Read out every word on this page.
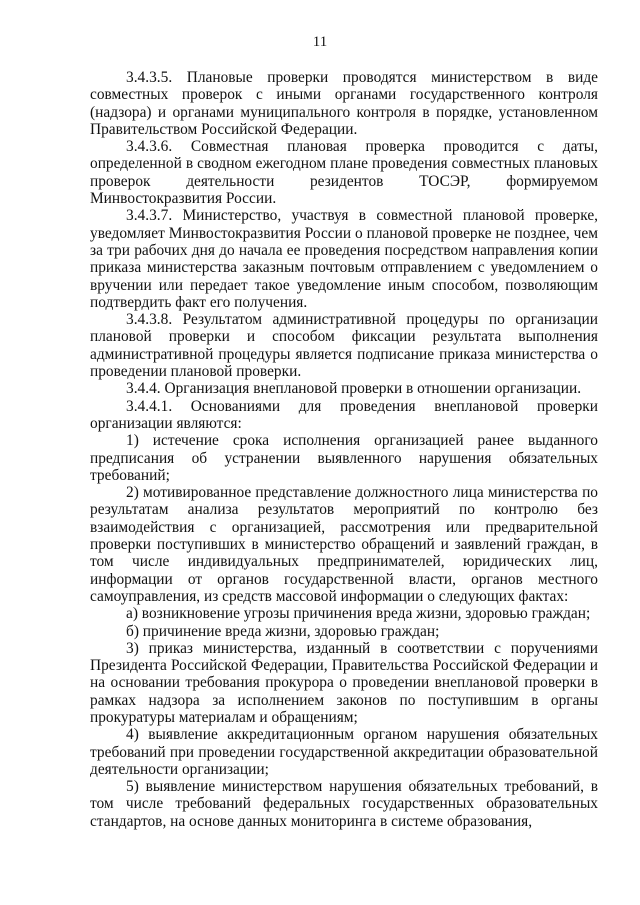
11

3.4.3.5. Плановые проверки проводятся министерством в виде совместных проверок с иными органами государственного контроля (надзора) и органами муниципального контроля в порядке, установленном Правительством Российской Федерации.

3.4.3.6. Совместная плановая проверка проводится с даты, определенной в сводном ежегодном плане проведения совместных плановых проверок деятельности резидентов ТОСЭР, формируемом Минвостокразвития России.

3.4.3.7. Министерство, участвуя в совместной плановой проверке, уведомляет Минвостокразвития России о плановой проверке не позднее, чем за три рабочих дня до начала ее проведения посредством направления копии приказа министерства заказным почтовым отправлением с уведомлением о вручении или передает такое уведомление иным способом, позволяющим подтвердить факт его получения.

3.4.3.8. Результатом административной процедуры по организации плановой проверки и способом фиксации результата выполнения административной процедуры является подписание приказа министерства о проведении плановой проверки.

3.4.4. Организация внеплановой проверки в отношении организации.

3.4.4.1. Основаниями для проведения внеплановой проверки организации являются:

1) истечение срока исполнения организацией ранее выданного предписания об устранении выявленного нарушения обязательных требований;

2) мотивированное представление должностного лица министерства по результатам анализа результатов мероприятий по контролю без взаимодействия с организацией, рассмотрения или предварительной проверки поступивших в министерство обращений и заявлений граждан, в том числе индивидуальных предпринимателей, юридических лиц, информации от органов государственной власти, органов местного самоуправления, из средств массовой информации о следующих фактах:

а) возникновение угрозы причинения вреда жизни, здоровью граждан;

б) причинение вреда жизни, здоровью граждан;

3) приказ министерства, изданный в соответствии с поручениями Президента Российской Федерации, Правительства Российской Федерации и на основании требования прокурора о проведении внеплановой проверки в рамках надзора за исполнением законов по поступившим в органы прокуратуры материалам и обращениям;

4) выявление аккредитационным органом нарушения обязательных требований при проведении государственной аккредитации образовательной деятельности организации;

5) выявление министерством нарушения обязательных требований, в том числе требований федеральных государственных образовательных стандартов, на основе данных мониторинга в системе образования,
